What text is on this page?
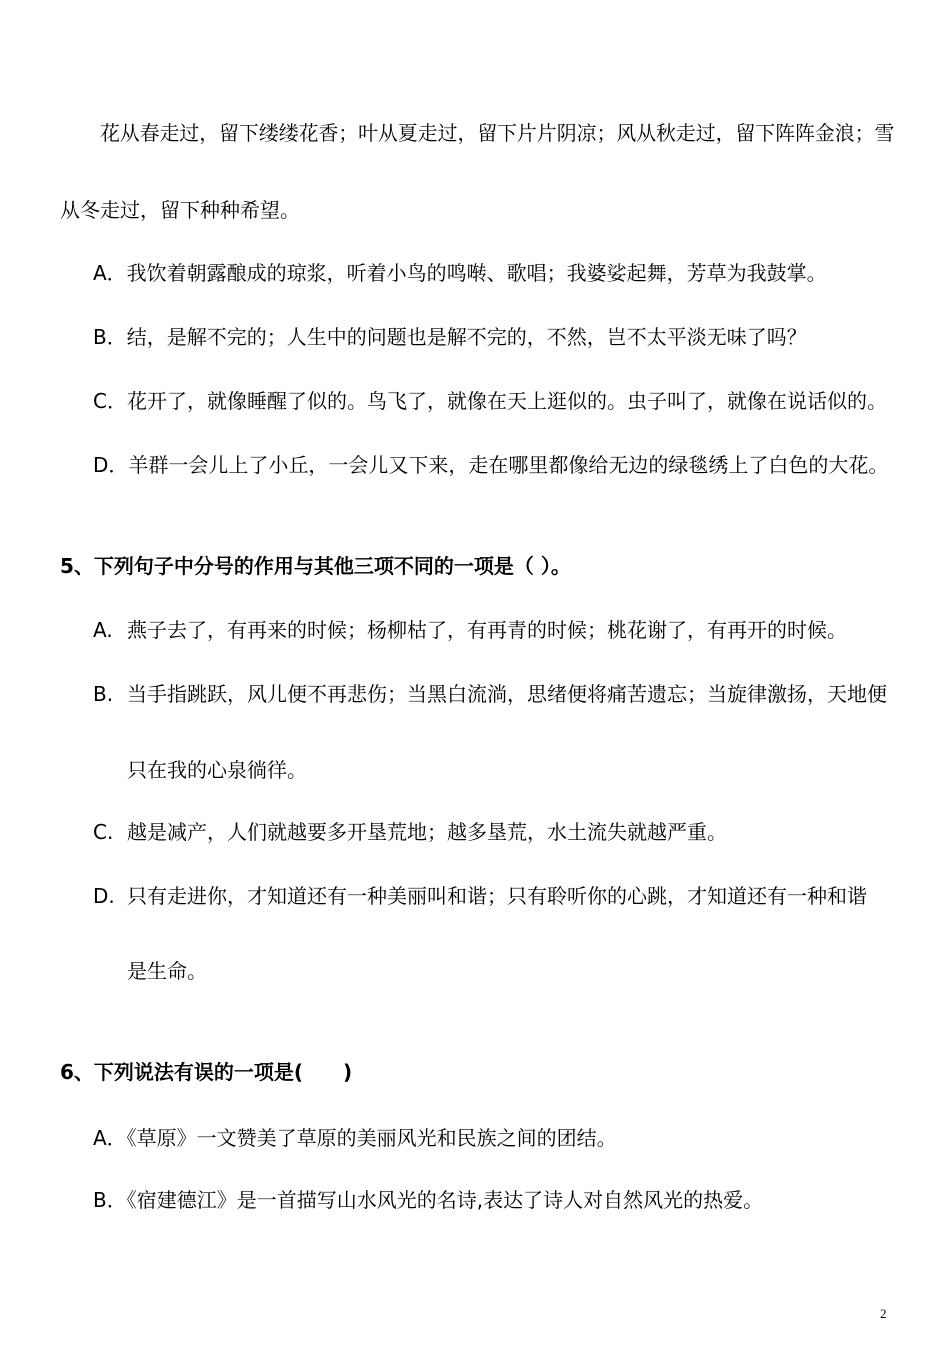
花从春走过，留下缕缕花香；叶从夏走过，留下片片阴凉；风从秋走过，留下阵阵金浪；雪
从冬走过，留下种种希望。
A．我饮着朝露酿成的琼浆，听着小鸟的鸣啭、歌唱；我婆娑起舞，芳草为我鼓掌。
B．结，是解不完的；人生中的问题也是解不完的，不然，岂不太平淡无味了吗？
C．花开了，就像睡醒了似的。鸟飞了，就像在天上逛似的。虫子叫了，就像在说话似的。
D．羊群一会儿上了小丘，一会儿又下来，走在哪里都像给无边的绿毯绣上了白色的大花。
5、下列句子中分号的作用与其他三项不同的一项是（ ）。
A. 燕子去了，有再来的时候；杨柳枯了，有再青的时候；桃花谢了，有再开的时候。
B. 当手指跳跃，风儿便不再悲伤；当黑白流淌，思绪便将痛苦遗忘；当旋律激扬，天地便
只在我的心泉徜徉。
C. 越是减产，人们就越要多开垦荒地；越多垦荒，水土流失就越严重。
D. 只有走进你，才知道还有一种美丽叫和谐；只有聆听你的心跳，才知道还有一种和谐
是生命。
6、下列说法有误的一项是(　　)
A．《草原》一文赞美了草原的美丽风光和民族之间的团结。
B．《宿建德江》是一首描写山水风光的名诗,表达了诗人对自然风光的热爱。
2
